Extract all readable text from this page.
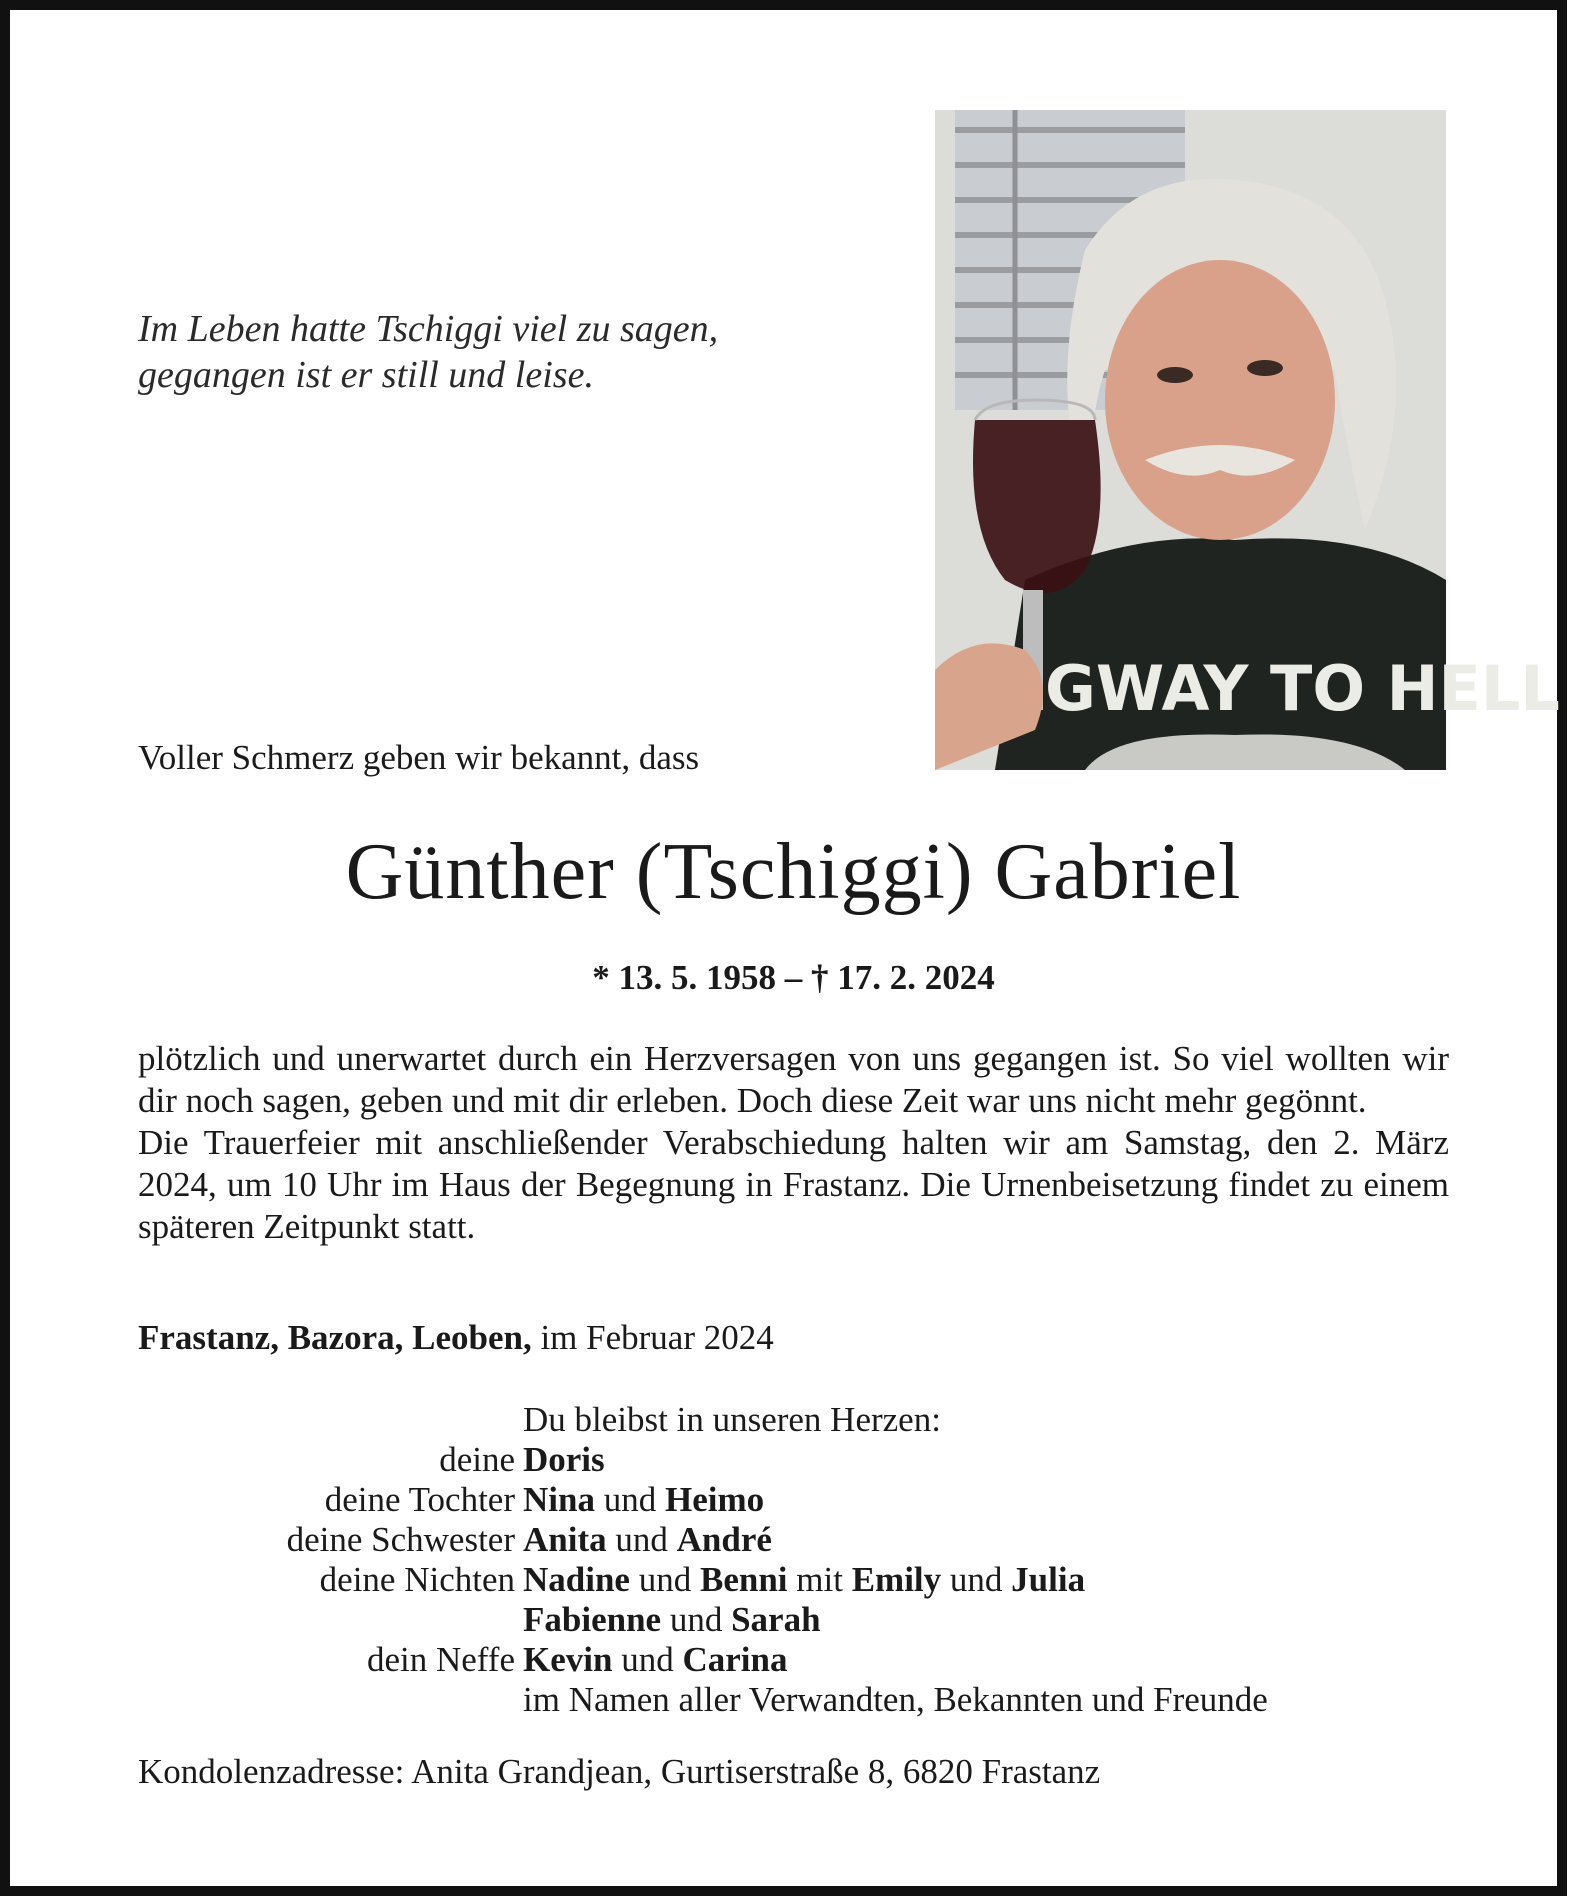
Im Leben hatte Tschiggi viel zu sagen,
gegangen ist er still und leise.
GWAY TO HELL
Voller Schmerz geben wir bekannt, dass
Günther (Tschiggi) Gabriel
* 13. 5. 1958 – † 17. 2. 2024

plötzlich und unerwartet durch ein Herzversagen von uns gegangen ist. So viel wollten wir dir noch sagen, geben und mit dir erleben. Doch diese Zeit war uns nicht mehr gegönnt.

Die Trauerfeier mit anschließender Verabschiedung halten wir am Samstag, den 2. März 2024, um 10 Uhr im Haus der Begegnung in Frastanz. Die Urnenbeisetzung findet zu einem späteren Zeitpunkt statt.

Frastanz, Bazora, Leoben, im Februar 2024
Du bleibst in unseren Herzen:
deine Doris
deine Tochter Nina und Heimo
deine Schwester Anita und André
deine Nichten Nadine und Benni mit Emily und Julia
Fabienne und Sarah
dein Neffe Kevin und Carina
im Namen aller Verwandten, Bekannten und Freunde
Kondolenzadresse: Anita Grandjean, Gurtiserstraße 8, 6820 Frastanz
